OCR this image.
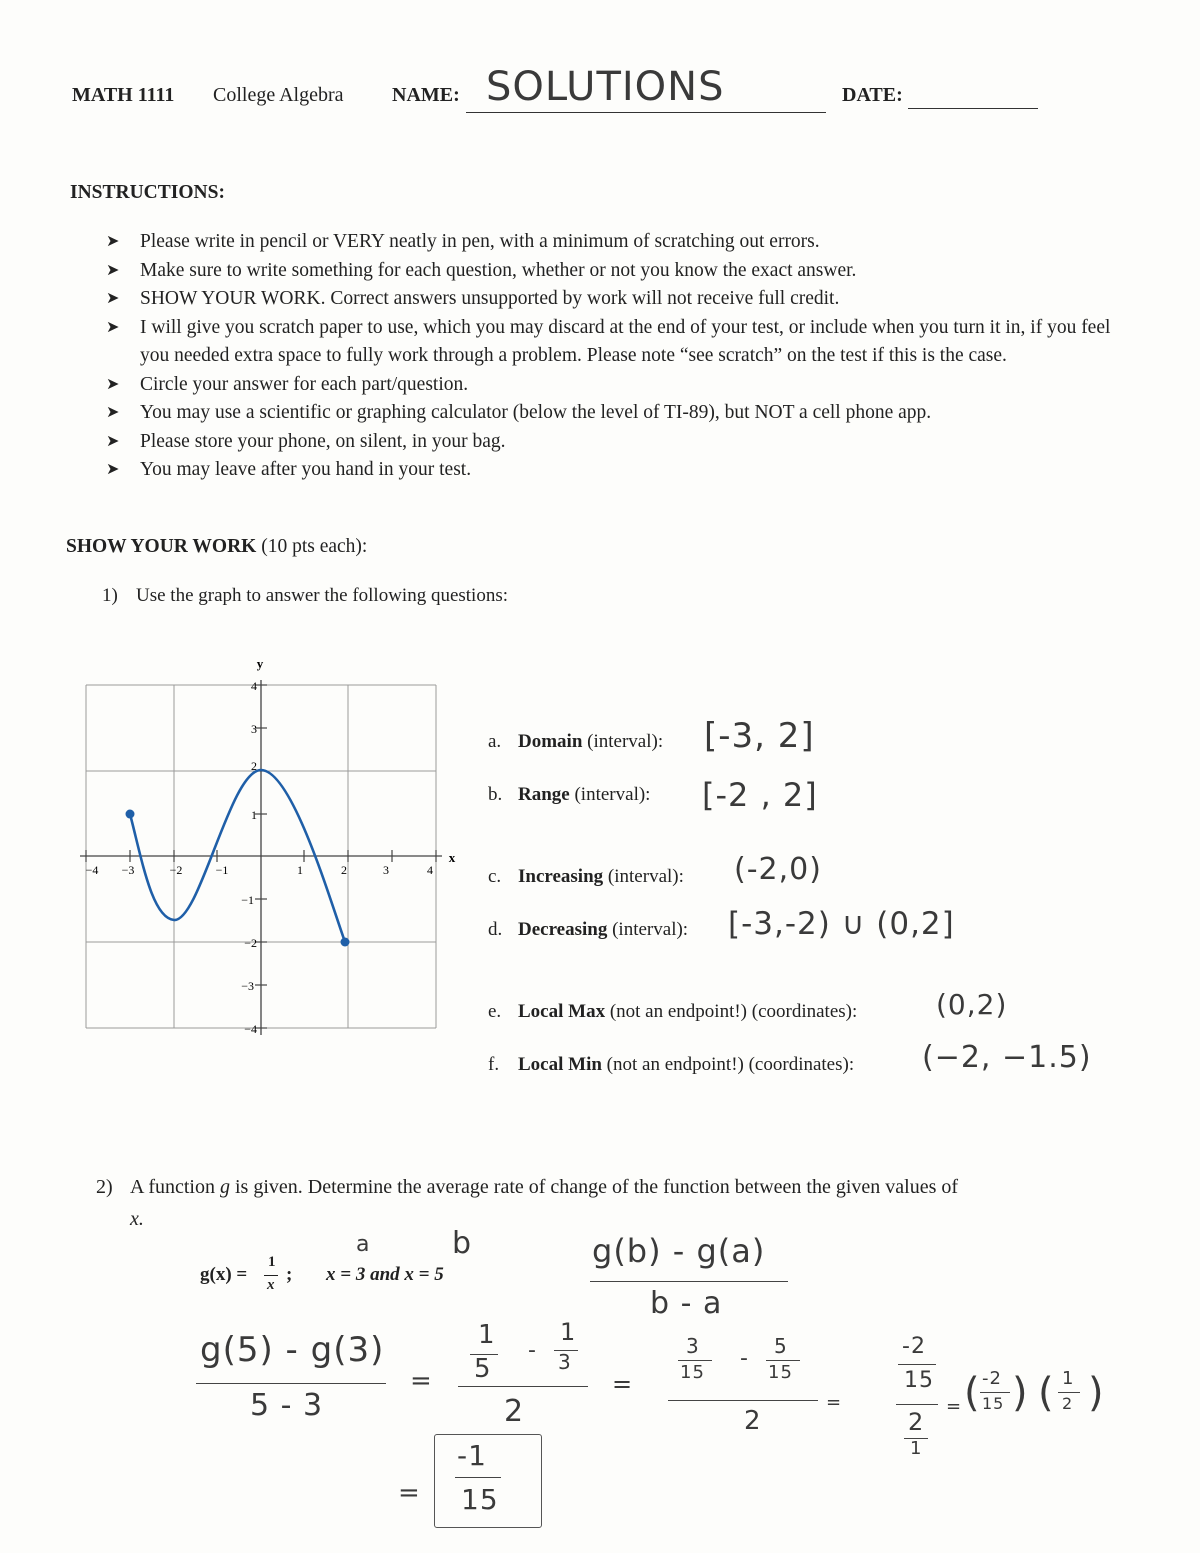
MATH 1111 College Algebra NAME: SOLUTIONS	DATE:
INSTRUCTIONS:
➤ Please write in pencil or VERY neatly in pen, with a minimum of scratching out errors.
➤ Make sure to write something for each question, whether or not you know the exact answer.
➤ SHOW YOUR WORK. Correct answers unsupported by work will not receive full credit.
➤ I will give you scratch paper to use, which you may discard at the end of your test, or include when you turn it in, if you feel you needed extra space to fully work through a problem. Please note “see scratch” on the test if this is the case.
➤ Circle your answer for each part/question.
➤ You may use a scientific or graphing calculator (below the level of TI-89), but NOT a cell phone app.
➤ Please store your phone, on silent, in your bag.
➤ You may leave after you hand in your test.
SHOW YOUR WORK (10 pts each):
1) Use the graph to answer the following questions:
y
x
−4 −3	−2	−1	1	2	3	4
4
3
2
1
−1
−2
−3
−4
a. Domain (interval): [-3, 2]
b. Range (interval): [-2 , 2]
c. Increasing (interval): (-2,0)
d. Decreasing (interval): [-3,-2) ∪ (0,2]
e. Local Max (not an endpoint!) (coordinates):	(0,2)
f. Local Min (not an endpoint!) (coordinates): (−2, −1.5)
2) A function g is given. Determine the average rate of change of the function between the given values of
x.
g(x) =
1
x ; x = 3 and x = 5
a	b	g(b) - g(a)
b - a
g(5) - g(3)
5 - 3
=
1
5
-
1
3
2
=
3
15
- 5
15
2
=
-2
15
2
1
= ( -2
15 ) ( 1
2 )
=
-1
15
